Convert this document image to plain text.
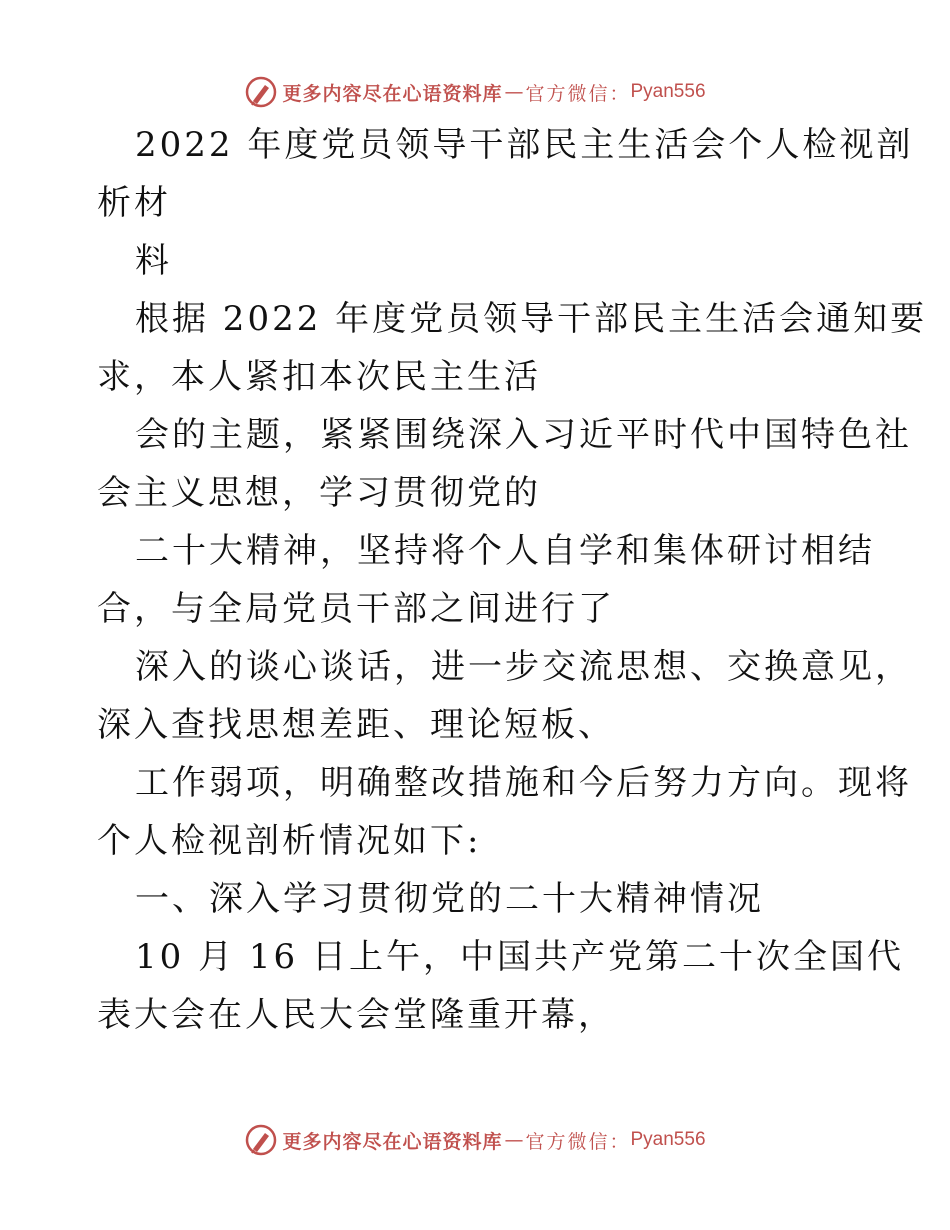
更多内容尽在心语资料库 — 官方微信： Pyan556
2022 年度党员领导干部民主生活会个人检视剖
析材
料
根据 2022 年度党员领导干部民主生活会通知要
求，本人紧扣本次民主生活
会的主题，紧紧围绕深入习近平时代中国特色社
会主义思想，学习贯彻党的
二十大精神，坚持将个人自学和集体研讨相结
合，与全局党员干部之间进行了
深入的谈心谈话，进一步交流思想、交换意见，
深入查找思想差距、理论短板、
工作弱项，明确整改措施和今后努力方向。现将
个人检视剖析情况如下:
一、深入学习贯彻党的二十大精神情况
10 月 16 日上午，中国共产党第二十次全国代
表大会在人民大会堂隆重开幕，
更多内容尽在心语资料库 — 官方微信： Pyan556
